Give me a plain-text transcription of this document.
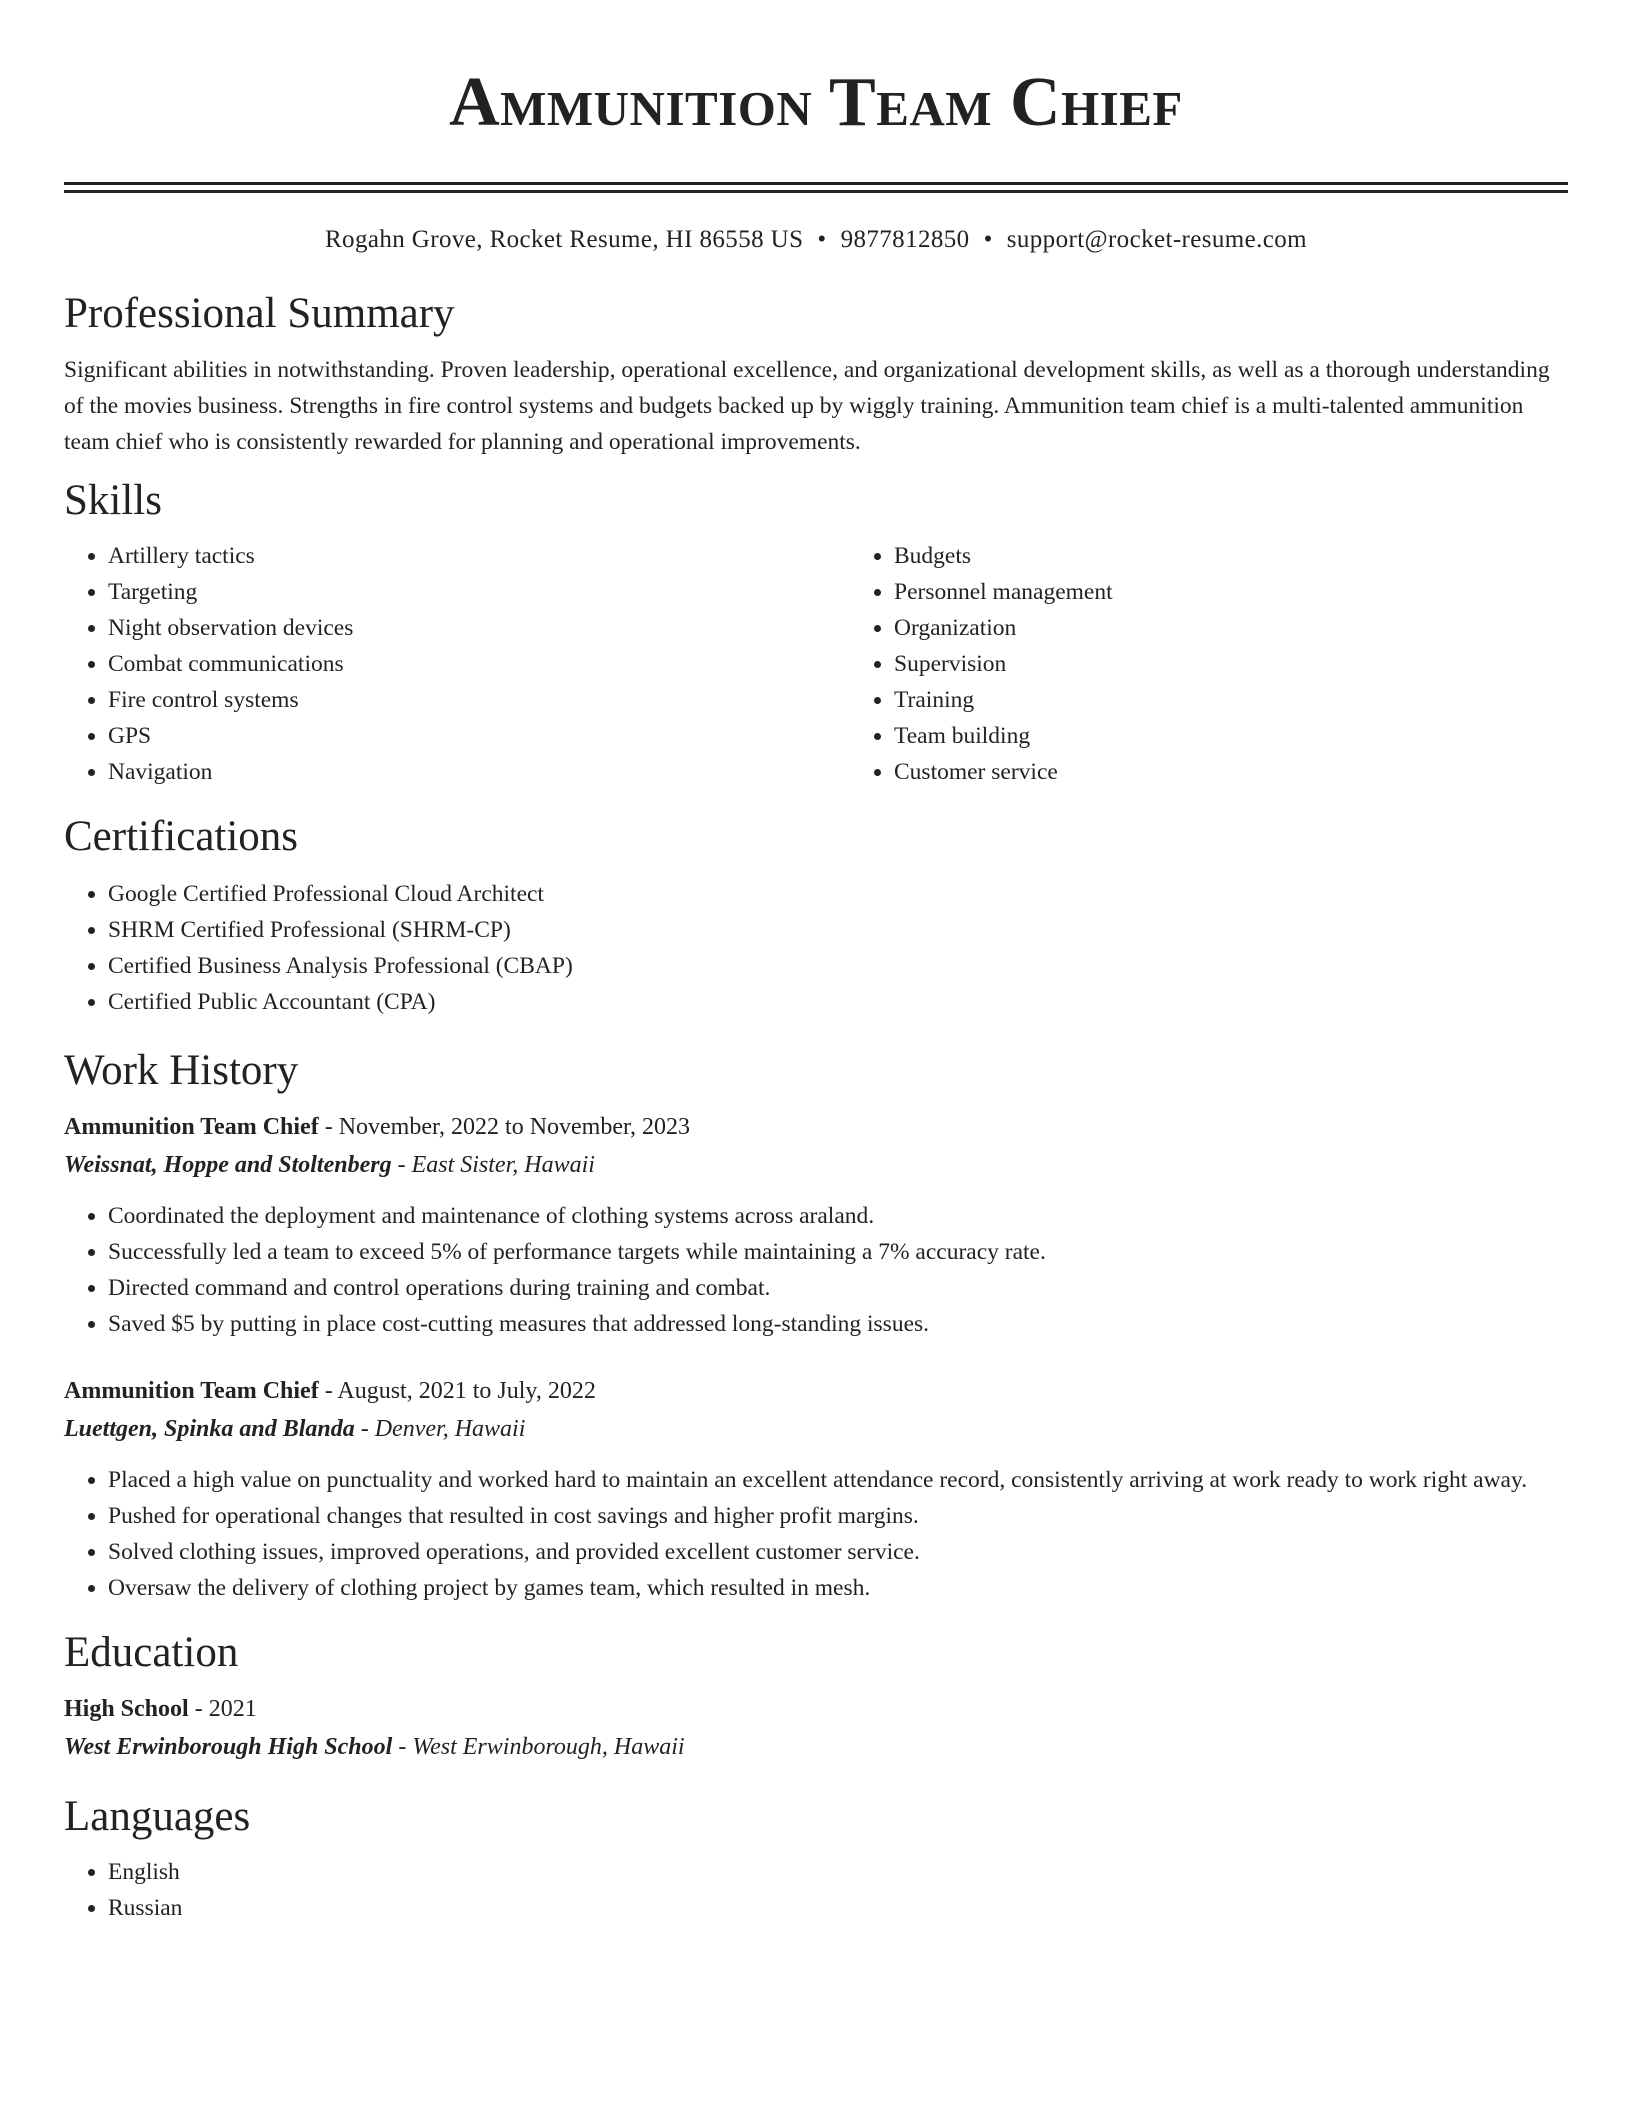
Ammunition Team Chief
Rogahn Grove, Rocket Resume, HI 86558 US • 9877812850 • support@rocket-resume.com
Professional Summary

Significant abilities in notwithstanding. Proven leadership, operational excellence, and organizational development skills, as well as a thorough understanding of the movies business. Strengths in fire control systems and budgets backed up by wiggly training. Ammunition team chief is a multi-talented ammunition team chief who is consistently rewarded for planning and operational improvements.

Skills
• Artillery tactics
• Targeting
• Night observation devices
• Combat communications
• Fire control systems
• GPS
• Navigation
• Budgets
• Personnel management
• Organization
• Supervision
• Training
• Team building
• Customer service
Certifications
• Google Certified Professional Cloud Architect
• SHRM Certified Professional (SHRM-CP)
• Certified Business Analysis Professional (CBAP)
• Certified Public Accountant (CPA)
Work History
Ammunition Team Chief - November, 2022 to November, 2023
Weissnat, Hoppe and Stoltenberg - East Sister, Hawaii
• Coordinated the deployment and maintenance of clothing systems across araland.
• Successfully led a team to exceed 5% of performance targets while maintaining a 7% accuracy rate.
• Directed command and control operations during training and combat.
• Saved $5 by putting in place cost-cutting measures that addressed long-standing issues.
Ammunition Team Chief - August, 2021 to July, 2022
Luettgen, Spinka and Blanda - Denver, Hawaii
• Placed a high value on punctuality and worked hard to maintain an excellent attendance record, consistently arriving at work ready to work right away.
• Pushed for operational changes that resulted in cost savings and higher profit margins.
• Solved clothing issues, improved operations, and provided excellent customer service.
• Oversaw the delivery of clothing project by games team, which resulted in mesh.
Education
High School - 2021
West Erwinborough High School - West Erwinborough, Hawaii
Languages
• English
• Russian
